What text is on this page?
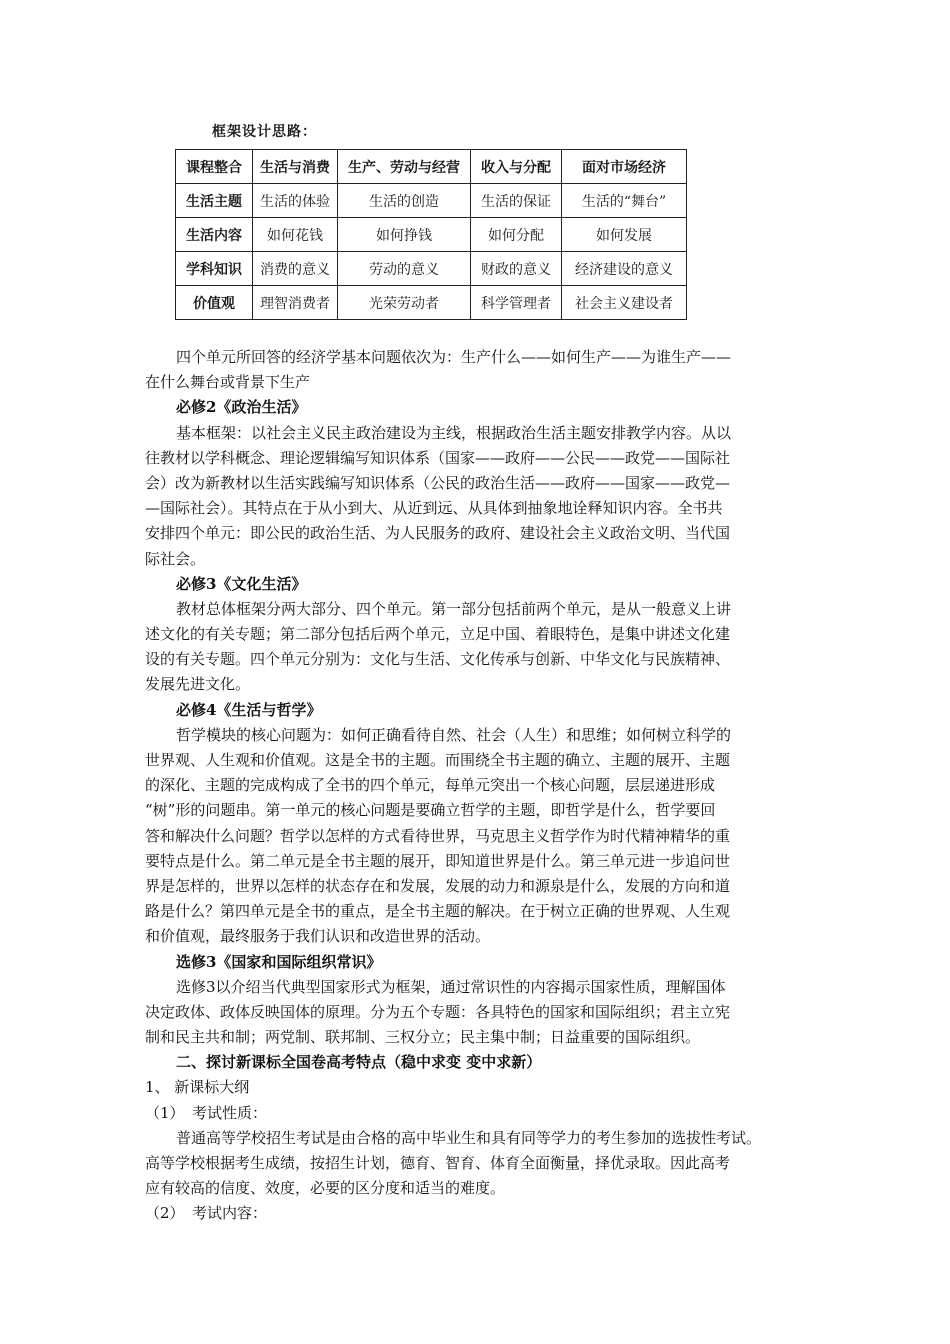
框架设计思路：
课程整合	生活与消费	生产、劳动与经营	收入与分配	面对市场经济
生活主题	生活的体验	生活的创造	生活的保证	生活的“舞台”
生活内容	如何花钱	如何挣钱	如何分配	如何发展
学科知识	消费的意义	劳动的意义	财政的意义	经济建设的意义
价值观	理智消费者	光荣劳动者	科学管理者	社会主义建设者
四个单元所回答的经济学基本问题依次为：生产什么——如何生产——为谁生产——
在什么舞台或背景下生产
必修2《政治生活》
基本框架：以社会主义民主政治建设为主线，根据政治生活主题安排教学内容。从以
往教材以学科概念、理论逻辑编写知识体系（国家——政府——公民——政党——国际社
会）改为新教材以生活实践编写知识体系（公民的政治生活——政府——国家——政党—
—国际社会）。其特点在于从小到大、从近到远、从具体到抽象地诠释知识内容。全书共
安排四个单元：即公民的政治生活、为人民服务的政府、建设社会主义政治文明、当代国
际社会。
必修3《文化生活》
教材总体框架分两大部分、四个单元。第一部分包括前两个单元，是从一般意义上讲
述文化的有关专题；第二部分包括后两个单元，立足中国、着眼特色，是集中讲述文化建
设的有关专题。四个单元分别为：文化与生活、文化传承与创新、中华文化与民族精神、
发展先进文化。
必修4《生活与哲学》
哲学模块的核心问题为：如何正确看待自然、社会（人生）和思维；如何树立科学的
世界观、人生观和价值观。这是全书的主题。而围绕全书主题的确立、主题的展开、主题
的深化、主题的完成构成了全书的四个单元，每单元突出一个核心问题，层层递进形成
“树”形的问题串。第一单元的核心问题是要确立哲学的主题，即哲学是什么，哲学要回
答和解决什么问题？哲学以怎样的方式看待世界，马克思主义哲学作为时代精神精华的重
要特点是什么。第二单元是全书主题的展开，即知道世界是什么。第三单元进一步追问世
界是怎样的，世界以怎样的状态存在和发展，发展的动力和源泉是什么，发展的方向和道
路是什么？第四单元是全书的重点，是全书主题的解决。在于树立正确的世界观、人生观
和价值观，最终服务于我们认识和改造世界的活动。
选修3《国家和国际组织常识》
选修3以介绍当代典型国家形式为框架，通过常识性的内容揭示国家性质，理解国体
决定政体、政体反映国体的原理。分为五个专题：各具特色的国家和国际组织；君主立宪
制和民主共和制；两党制、联邦制、三权分立；民主集中制；日益重要的国际组织。
二、探讨新课标全国卷高考特点（稳中求变 变中求新）
1、 新课标大纲
（1）　考试性质：
普通高等学校招生考试是由合格的高中毕业生和具有同等学力的考生参加的选拔性考试。
高等学校根据考生成绩，按招生计划，德育、智育、体育全面衡量，择优录取。因此高考
应有较高的信度、效度，必要的区分度和适当的难度。
（2）　考试内容：
